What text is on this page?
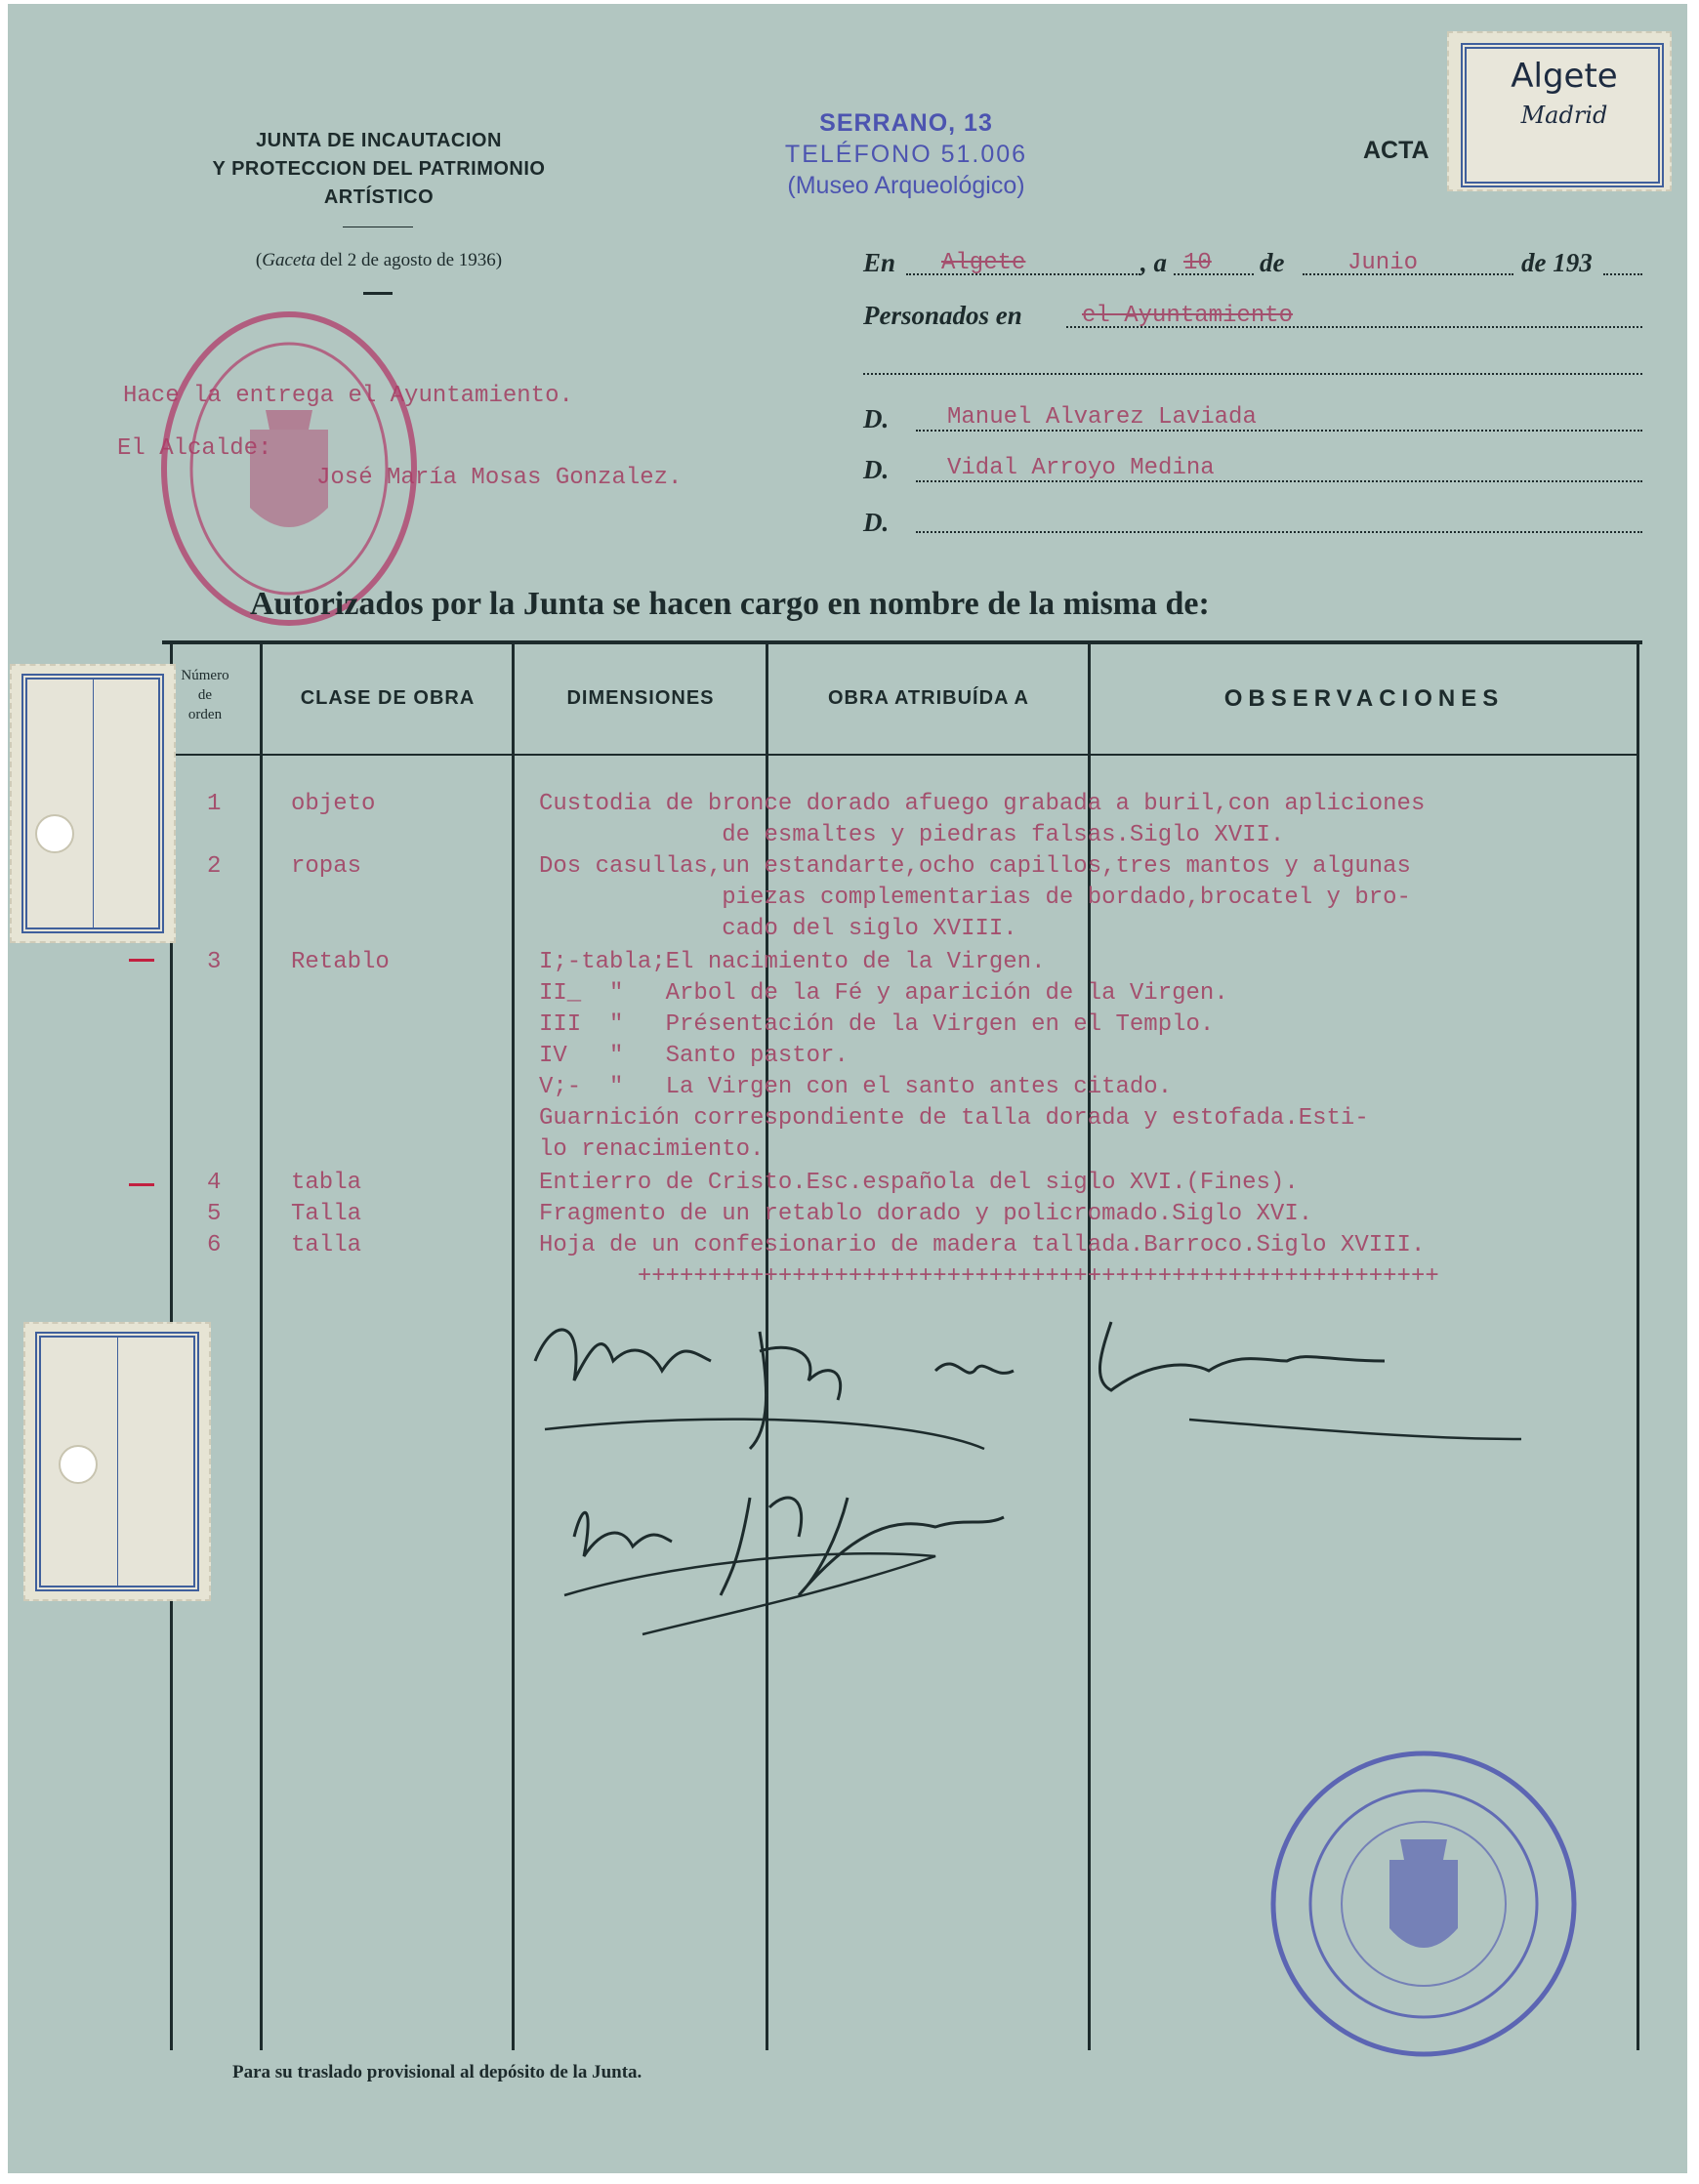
JUNTA DE INCAUTACION
Y PROTECCION DEL PATRIMONIO
ARTÍSTICO
(Gaceta del 2 de agosto de 1936)
SERRANO, 13
TELÉFONO 51.006
(Museo Arqueológico)
ACTA
Algete
Madrid
En Algete	, a 10 de	Junio	de 193
Personados en	el Ayuntamiento
D. Manuel Alvarez Laviada
D. Vidal Arroyo Medina
D.
Hace la entrega el Ayuntamiento.
El Alcalde:
José María Mosas Gonzalez.
Autorizados por la Junta se hacen cargo en nombre de la misma de:
Número
de
orden
CLASE DE OBRA	DIMENSIONES	OBRA ATRIBUÍDA A	OBSERVACIONES
1	objeto	Custodia de bronce dorado afuego grabada a buril,con apliciones
de esmaltes y piedras falsas.Siglo XVII.
2	ropas	Dos casullas,un estandarte,ocho capillos,tres mantos y algunas
piezas complementarias de bordado,brocatel y bro-
cado del siglo XVIII.
3	Retablo	I;-tabla;El nacimiento de la Virgen.
II_  "   Arbol de la Fé y aparición de la Virgen.
III  "   Présentación de la Virgen en el Templo.
IV   "   Santo pastor.
V;-  "   La Virgen con el santo antes citado.
Guarnición correspondiente de talla dorada y estofada.Esti-
lo renacimiento.
4	tabla	Entierro de Cristo.Esc.española del siglo XVI.(Fines).
5	Talla	Fragmento de un retablo dorado y policromado.Siglo XVI.
6	talla	Hoja de un confesionario de madera tallada.Barroco.Siglo XVIII.
+++++++++++++++++++++++++++++++++++++++++++++++++++++++++
Para su traslado provisional al depósito de la Junta.
